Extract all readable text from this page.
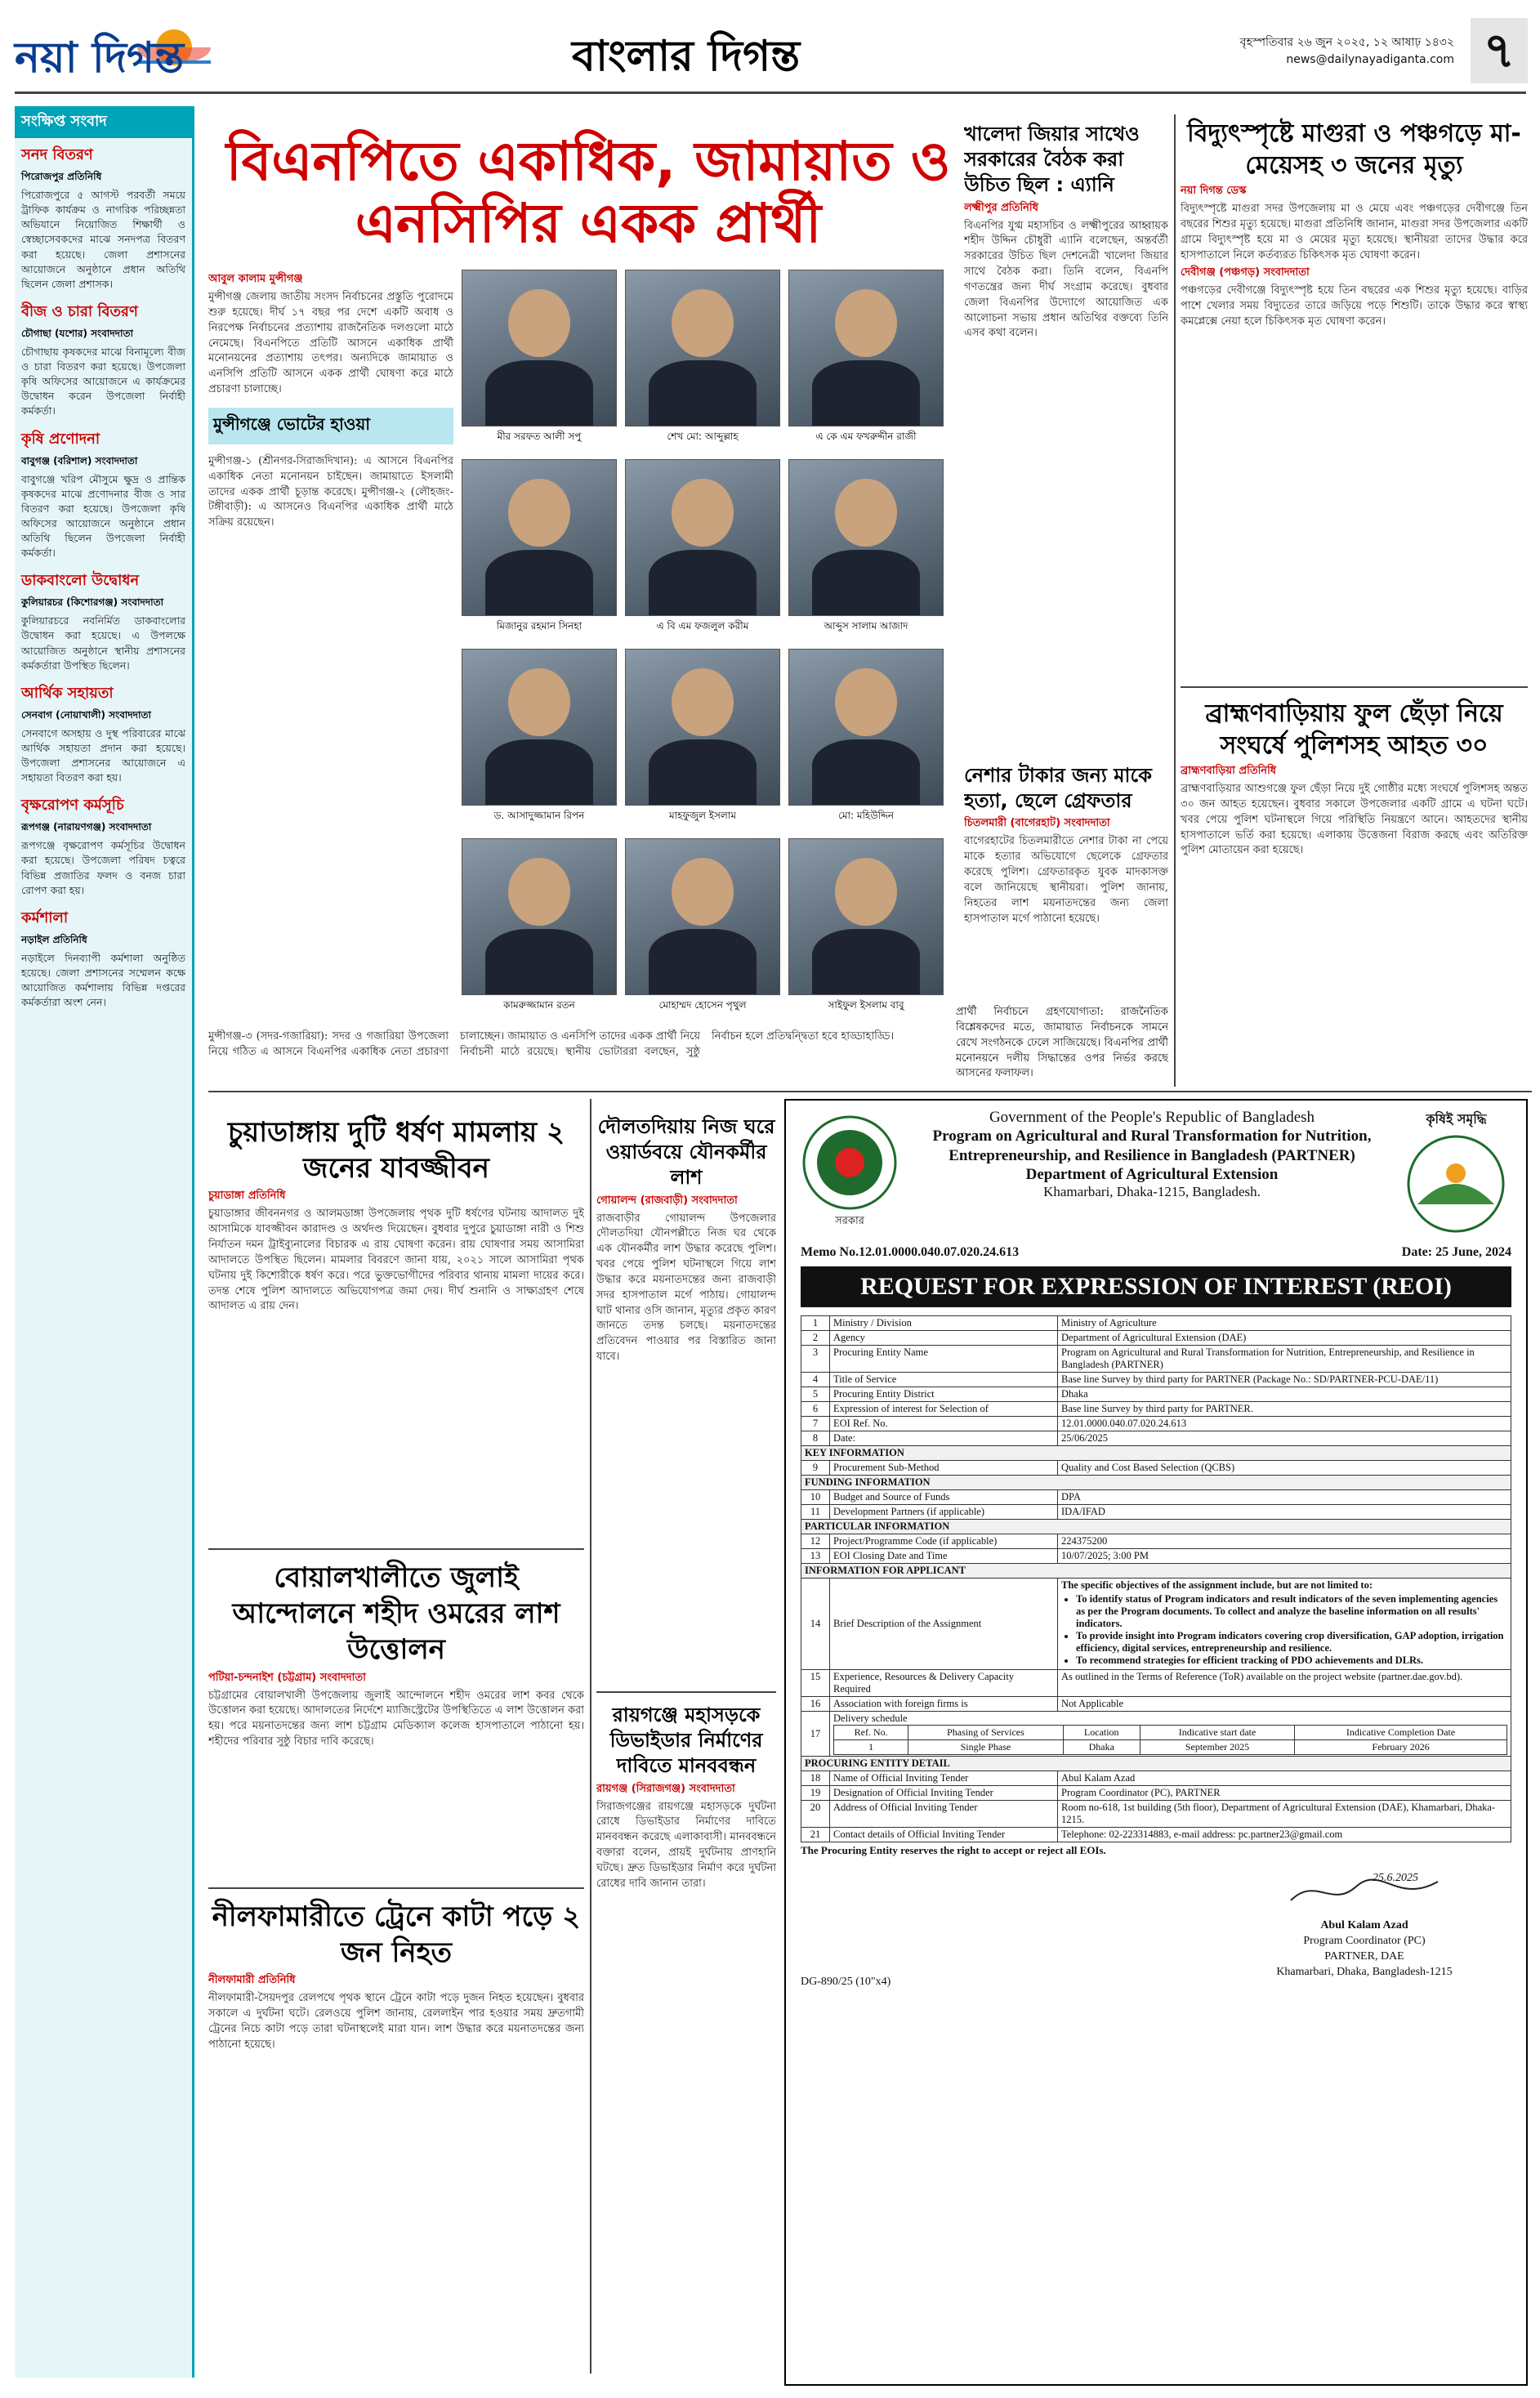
নয়া দিগন্ত	বাংলার দিগন্ত	বৃহস্পতিবার ২৬ জুন ২০২৫, ১২ আষাঢ় ১৪৩২
news@dailynayadiganta.com ৭
সংক্ষিপ্ত সংবাদ
সনদ বিতরণ
পিরোজপুর প্রতিনিধি
পিরোজপুরে ৫ আগস্ট পরবর্তী সময়ে ট্রাফিক কার্যক্রম ও নাগরিক পরিচ্ছন্নতা অভিযানে নিয়োজিত শিক্ষার্থী ও স্বেচ্ছাসেবকদের মাঝে সনদপত্র বিতরণ করা হয়েছে। জেলা প্রশাসনের আয়োজনে অনুষ্ঠানে প্রধান অতিথি ছিলেন জেলা প্রশাসক।
বীজ ও চারা বিতরণ
চৌগাছা (যশোর) সংবাদদাতা
চৌগাছায় কৃষকদের মাঝে বিনামূল্যে বীজ ও চারা বিতরণ করা হয়েছে। উপজেলা কৃষি অফিসের আয়োজনে এ কার্যক্রমের উদ্বোধন করেন উপজেলা নির্বাহী কর্মকর্তা।
কৃষি প্রণোদনা
বাবুগঞ্জ (বরিশাল) সংবাদদাতা
বাবুগঞ্জে খরিপ মৌসুমে ক্ষুদ্র ও প্রান্তিক কৃষকদের মাঝে প্রণোদনার বীজ ও সার বিতরণ করা হয়েছে। উপজেলা কৃষি অফিসের আয়োজনে অনুষ্ঠানে প্রধান অতিথি ছিলেন উপজেলা নির্বাহী কর্মকর্তা।
ডাকবাংলো উদ্বোধন
কুলিয়ারচর (কিশোরগঞ্জ) সংবাদদাতা
কুলিয়ারচরে নবনির্মিত ডাকবাংলোর উদ্বোধন করা হয়েছে। এ উপলক্ষে আয়োজিত অনুষ্ঠানে স্থানীয় প্রশাসনের কর্মকর্তারা উপস্থিত ছিলেন।
আর্থিক সহায়তা
সেনবাগ (নোয়াখালী) সংবাদদাতা
সেনবাগে অসহায় ও দুস্থ পরিবারের মাঝে আর্থিক সহায়তা প্রদান করা হয়েছে। উপজেলা প্রশাসনের আয়োজনে এ সহায়তা বিতরণ করা হয়।
বৃক্ষরোপণ কর্মসূচি
রূপগঞ্জ (নারায়ণগঞ্জ) সংবাদদাতা
রূপগঞ্জে বৃক্ষরোপণ কর্মসূচির উদ্বোধন করা হয়েছে। উপজেলা পরিষদ চত্বরে বিভিন্ন প্রজাতির ফলদ ও বনজ চারা রোপণ করা হয়।
কর্মশালা
নড়াইল প্রতিনিধি
নড়াইলে দিনব্যাপী কর্মশালা অনুষ্ঠিত হয়েছে। জেলা প্রশাসনের সম্মেলন কক্ষে আয়োজিত কর্মশালায় বিভিন্ন দপ্তরের কর্মকর্তারা অংশ নেন।
বিএনপিতে একাধিক, জামায়াত ও এনসিপির একক প্রার্থী
আবুল কালাম মুন্সীগঞ্জ
মুন্সীগঞ্জ জেলায় জাতীয় সংসদ নির্বাচনের প্রস্তুতি পুরোদমে শুরু হয়েছে। দীর্ঘ ১৭ বছর পর দেশে একটি অবাধ ও নিরপেক্ষ নির্বাচনের প্রত্যাশায় রাজনৈতিক দলগুলো মাঠে নেমেছে। বিএনপিতে প্রতিটি আসনে একাধিক প্রার্থী মনোনয়নের প্রত্যাশায় তৎপর। অন্যদিকে জামায়াত ও এনসিপি প্রতিটি আসনে একক প্রার্থী ঘোষণা করে মাঠে প্রচারণা চালাচ্ছে।
মুন্সীগঞ্জে ভোটের হাওয়া
মুন্সীগঞ্জ-১ (শ্রীনগর-সিরাজদিখান): এ আসনে বিএনপির একাধিক নেতা মনোনয়ন চাইছেন। জামায়াতে ইসলামী তাদের একক প্রার্থী চূড়ান্ত করেছে। মুন্সীগঞ্জ-২ (লৌহজং-টঙ্গীবাড়ী): এ আসনেও বিএনপির একাধিক প্রার্থী মাঠে সক্রিয় রয়েছেন।
মীর সরফত আলী সপু	শেখ মো: আব্দুল্লাহ	এ কে এম ফখরুদ্দীন রাজী
মিজানুর রহমান সিনহা	এ বি এম ফজলুল করীম	আব্দুস সালাম আজাদ
ড. আসাদুজ্জামান রিপন	মাহফুজুল ইসলাম	মো: মহিউদ্দিন
কামরুজ্জামান রতন	মোহাম্মদ হোসেন পৃথুল	সাইফুল ইসলাম বাবু
মুন্সীগঞ্জ-৩ (সদর-গজারিয়া): সদর ও গজারিয়া উপজেলা নিয়ে গঠিত এ আসনে বিএনপির একাধিক নেতা প্রচারণা চালাচ্ছেন। জামায়াত ও এনসিপি তাদের একক প্রার্থী নিয়ে নির্বাচনী মাঠে রয়েছে। স্থানীয় ভোটাররা বলছেন, সুষ্ঠু নির্বাচন হলে প্রতিদ্বন্দ্বিতা হবে হাড্ডাহাড্ডি।
প্রার্থী নির্বাচনে গ্রহণযোগ্যতা: রাজনৈতিক বিশ্লেষকদের মতে, জামায়াত নির্বাচনকে সামনে রেখে সংগঠনকে ঢেলে সাজিয়েছে। বিএনপির প্রার্থী মনোনয়নে দলীয় সিদ্ধান্তের ওপর নির্ভর করছে আসনের ফলাফল।
খালেদা জিয়ার সাথেও সরকারের বৈঠক করা উচিত ছিল : এ্যানি
লক্ষ্মীপুর প্রতিনিধি
বিএনপির যুগ্ম মহাসচিব ও লক্ষ্মীপুরের আহ্বায়ক শহীদ উদ্দিন চৌধুরী এ্যানি বলেছেন, অন্তর্বর্তী সরকারের উচিত ছিল দেশনেত্রী খালেদা জিয়ার সাথে বৈঠক করা। তিনি বলেন, বিএনপি গণতন্ত্রের জন্য দীর্ঘ সংগ্রাম করেছে। বুধবার জেলা বিএনপির উদ্যোগে আয়োজিত এক আলোচনা সভায় প্রধান অতিথির বক্তব্যে তিনি এসব কথা বলেন।
নেশার টাকার জন্য মাকে হত্যা, ছেলে গ্রেফতার
চিতলমারী (বাগেরহাট) সংবাদদাতা
বাগেরহাটের চিতলমারীতে নেশার টাকা না পেয়ে মাকে হত্যার অভিযোগে ছেলেকে গ্রেফতার করেছে পুলিশ। গ্রেফতারকৃত যুবক মাদকাসক্ত বলে জানিয়েছে স্থানীয়রা। পুলিশ জানায়, নিহতের লাশ ময়নাতদন্তের জন্য জেলা হাসপাতাল মর্গে পাঠানো হয়েছে।
বিদ্যুৎস্পৃষ্টে মাগুরা ও পঞ্চগড়ে মা-মেয়েসহ ৩ জনের মৃত্যু
নয়া দিগন্ত ডেস্ক
বিদ্যুৎস্পৃষ্টে মাগুরা সদর উপজেলায় মা ও মেয়ে এবং পঞ্চগড়ের দেবীগঞ্জে তিন বছরের শিশুর মৃত্যু হয়েছে। মাগুরা প্রতিনিধি জানান, মাগুরা সদর উপজেলার একটি গ্রামে বিদ্যুৎস্পৃষ্ট হয়ে মা ও মেয়ের মৃত্যু হয়েছে। স্থানীয়রা তাদের উদ্ধার করে হাসপাতালে নিলে কর্তব্যরত চিকিৎসক মৃত ঘোষণা করেন।
দেবীগঞ্জ (পঞ্চগড়) সংবাদদাতা
পঞ্চগড়ের দেবীগঞ্জে বিদ্যুৎস্পৃষ্ট হয়ে তিন বছরের এক শিশুর মৃত্যু হয়েছে। বাড়ির পাশে খেলার সময় বিদ্যুতের তারে জড়িয়ে পড়ে শিশুটি। তাকে উদ্ধার করে স্বাস্থ্য কমপ্লেক্সে নেয়া হলে চিকিৎসক মৃত ঘোষণা করেন।
ব্রাহ্মণবাড়িয়ায় ফুল ছেঁড়া নিয়ে সংঘর্ষে পুলিশসহ আহত ৩০
ব্রাহ্মণবাড়িয়া প্রতিনিধি
ব্রাহ্মণবাড়িয়ার আশুগঞ্জে ফুল ছেঁড়া নিয়ে দুই গোষ্ঠীর মধ্যে সংঘর্ষে পুলিশসহ অন্তত ৩০ জন আহত হয়েছেন। বুধবার সকালে উপজেলার একটি গ্রামে এ ঘটনা ঘটে। খবর পেয়ে পুলিশ ঘটনাস্থলে গিয়ে পরিস্থিতি নিয়ন্ত্রণে আনে। আহতদের স্থানীয় হাসপাতালে ভর্তি করা হয়েছে। এলাকায় উত্তেজনা বিরাজ করছে এবং অতিরিক্ত পুলিশ মোতায়েন করা হয়েছে।
চুয়াডাঙ্গায় দুটি ধর্ষণ মামলায় ২ জনের যাবজ্জীবন
চুয়াডাঙ্গা প্রতিনিধি
চুয়াডাঙ্গার জীবননগর ও আলমডাঙ্গা উপজেলায় পৃথক দুটি ধর্ষণের ঘটনায় আদালত দুই আসামিকে যাবজ্জীবন কারাদণ্ড ও অর্থদণ্ড দিয়েছেন। বুধবার দুপুরে চুয়াডাঙ্গা নারী ও শিশু নির্যাতন দমন ট্রাইব্যুনালের বিচারক এ রায় ঘোষণা করেন। রায় ঘোষণার সময় আসামিরা আদালতে উপস্থিত ছিলেন। মামলার বিবরণে জানা যায়, ২০২১ সালে আসামিরা পৃথক ঘটনায় দুই কিশোরীকে ধর্ষণ করে। পরে ভুক্তভোগীদের পরিবার থানায় মামলা দায়ের করে। তদন্ত শেষে পুলিশ আদালতে অভিযোগপত্র জমা দেয়। দীর্ঘ শুনানি ও সাক্ষ্যগ্রহণ শেষে আদালত এ রায় দেন।
বোয়ালখালীতে জুলাই আন্দোলনে শহীদ ওমরের লাশ উত্তোলন
পটিয়া-চন্দনাইশ (চট্টগ্রাম) সংবাদদাতা
চট্টগ্রামের বোয়ালখালী উপজেলায় জুলাই আন্দোলনে শহীদ ওমরের লাশ কবর থেকে উত্তোলন করা হয়েছে। আদালতের নির্দেশে ম্যাজিস্ট্রেটের উপস্থিতিতে এ লাশ উত্তোলন করা হয়। পরে ময়নাতদন্তের জন্য লাশ চট্টগ্রাম মেডিক্যাল কলেজ হাসপাতালে পাঠানো হয়। শহীদের পরিবার সুষ্ঠু বিচার দাবি করেছে।
নীলফামারীতে ট্রেনে কাটা পড়ে ২ জন নিহত
নীলফামারী প্রতিনিধি
নীলফামারী-সৈয়দপুর রেলপথে পৃথক স্থানে ট্রেনে কাটা পড়ে দুজন নিহত হয়েছেন। বুধবার সকালে এ দুর্ঘটনা ঘটে। রেলওয়ে পুলিশ জানায়, রেললাইন পার হওয়ার সময় দ্রুতগামী ট্রেনের নিচে কাটা পড়ে তারা ঘটনাস্থলেই মারা যান। লাশ উদ্ধার করে ময়নাতদন্তের জন্য পাঠানো হয়েছে।
দৌলতদিয়ায় নিজ ঘরে ওয়ার্ডবয়ে যৌনকর্মীর লাশ
গোয়ালন্দ (রাজবাড়ী) সংবাদদাতা
রাজবাড়ীর গোয়ালন্দ উপজেলার দৌলতদিয়া যৌনপল্লীতে নিজ ঘর থেকে এক যৌনকর্মীর লাশ উদ্ধার করেছে পুলিশ। খবর পেয়ে পুলিশ ঘটনাস্থলে গিয়ে লাশ উদ্ধার করে ময়নাতদন্তের জন্য রাজবাড়ী সদর হাসপাতাল মর্গে পাঠায়। গোয়ালন্দ ঘাট থানার ওসি জানান, মৃত্যুর প্রকৃত কারণ জানতে তদন্ত চলছে। ময়নাতদন্তের প্রতিবেদন পাওয়ার পর বিস্তারিত জানা যাবে।
রায়গঞ্জে মহাসড়কে ডিভাইডার নির্মাণের দাবিতে মানববন্ধন
রায়গঞ্জ (সিরাজগঞ্জ) সংবাদদাতা
সিরাজগঞ্জের রায়গঞ্জে মহাসড়কে দুর্ঘটনা রোধে ডিভাইডার নির্মাণের দাবিতে মানববন্ধন করেছে এলাকাবাসী। মানববন্ধনে বক্তারা বলেন, প্রায়ই দুর্ঘটনায় প্রাণহানি ঘটছে। দ্রুত ডিভাইডার নির্মাণ করে দুর্ঘটনা রোধের দাবি জানান তারা।
সরকার
Government of the People's Republic of Bangladesh
Program on Agricultural and Rural Transformation for Nutrition, Entrepreneurship, and Resilience in Bangladesh (PARTNER)
Department of Agricultural Extension
Khamarbari, Dhaka-1215, Bangladesh.
কৃষিই সমৃদ্ধি
Memo No.12.01.0000.040.07.020.24.613	Date: 25 June, 2024
REQUEST FOR EXPRESSION OF INTEREST (REOI)
1	Ministry / Division	Ministry of Agriculture
2	Agency	Department of Agricultural Extension (DAE)
3	Procuring Entity Name	Program on Agricultural and Rural Transformation for Nutrition, Entrepreneurship, and Resilience in Bangladesh (PARTNER)
4	Title of Service	Base line Survey by third party for PARTNER (Package No.: SD/PARTNER-PCU-DAE/11)
5	Procuring Entity District	Dhaka
6	Expression of interest for Selection of	Base line Survey by third party for PARTNER.
7	EOI Ref. No.	12.01.0000.040.07.020.24.613
8	Date:	25/06/2025
KEY INFORMATION
9	Procurement Sub-Method	Quality and Cost Based Selection (QCBS)
FUNDING INFORMATION
10	Budget and Source of Funds	DPA
11	Development Partners (if applicable)	IDA/IFAD
PARTICULAR INFORMATION
12	Project/Programme Code (if applicable)	224375200
13	EOI Closing Date and Time	10/07/2025; 3:00 PM
INFORMATION FOR APPLICANT
14	Brief Description of the Assignment	
The specific objectives of the assignment include, but are not limited to:
• To identify status of Program indicators and result indicators of the seven implementing agencies as per the Program documents. To collect and analyze the baseline information on all results' indicators.
• To provide insight into Program indicators covering crop diversification, GAP adoption, irrigation efficiency, digital services, entrepreneurship and resilience.
• To recommend strategies for efficient tracking of PDO achievements and DLRs.

15	Experience, Resources & Delivery Capacity Required	As outlined in the Terms of Reference (ToR) available on the project website (partner.dae.gov.bd).
16	Association with foreign firms is	Not Applicable
17	
Delivery schedule
Ref. No.	Phasing of Services	Location	Indicative start date	Indicative Completion Date
1	Single Phase	Dhaka	September 2025	February 2026

PROCURING ENTITY DETAIL
18	Name of Official Inviting Tender	Abul Kalam Azad
19	Designation of Official Inviting Tender	Program Coordinator (PC), PARTNER
20	Address of Official Inviting Tender	Room no-618, 1st building (5th floor), Department of Agricultural Extension (DAE), Khamarbari, Dhaka-1215.
21	Contact details of Official Inviting Tender	Telephone: 02-223314883, e-mail address: pc.partner23@gmail.com
The Procuring Entity reserves the right to accept or reject all EOIs.
25.6.2025
Abul Kalam Azad
Program Coordinator (PC)
PARTNER, DAE
Khamarbari, Dhaka, Bangladesh-1215
DG-890/25 (10"x4)
